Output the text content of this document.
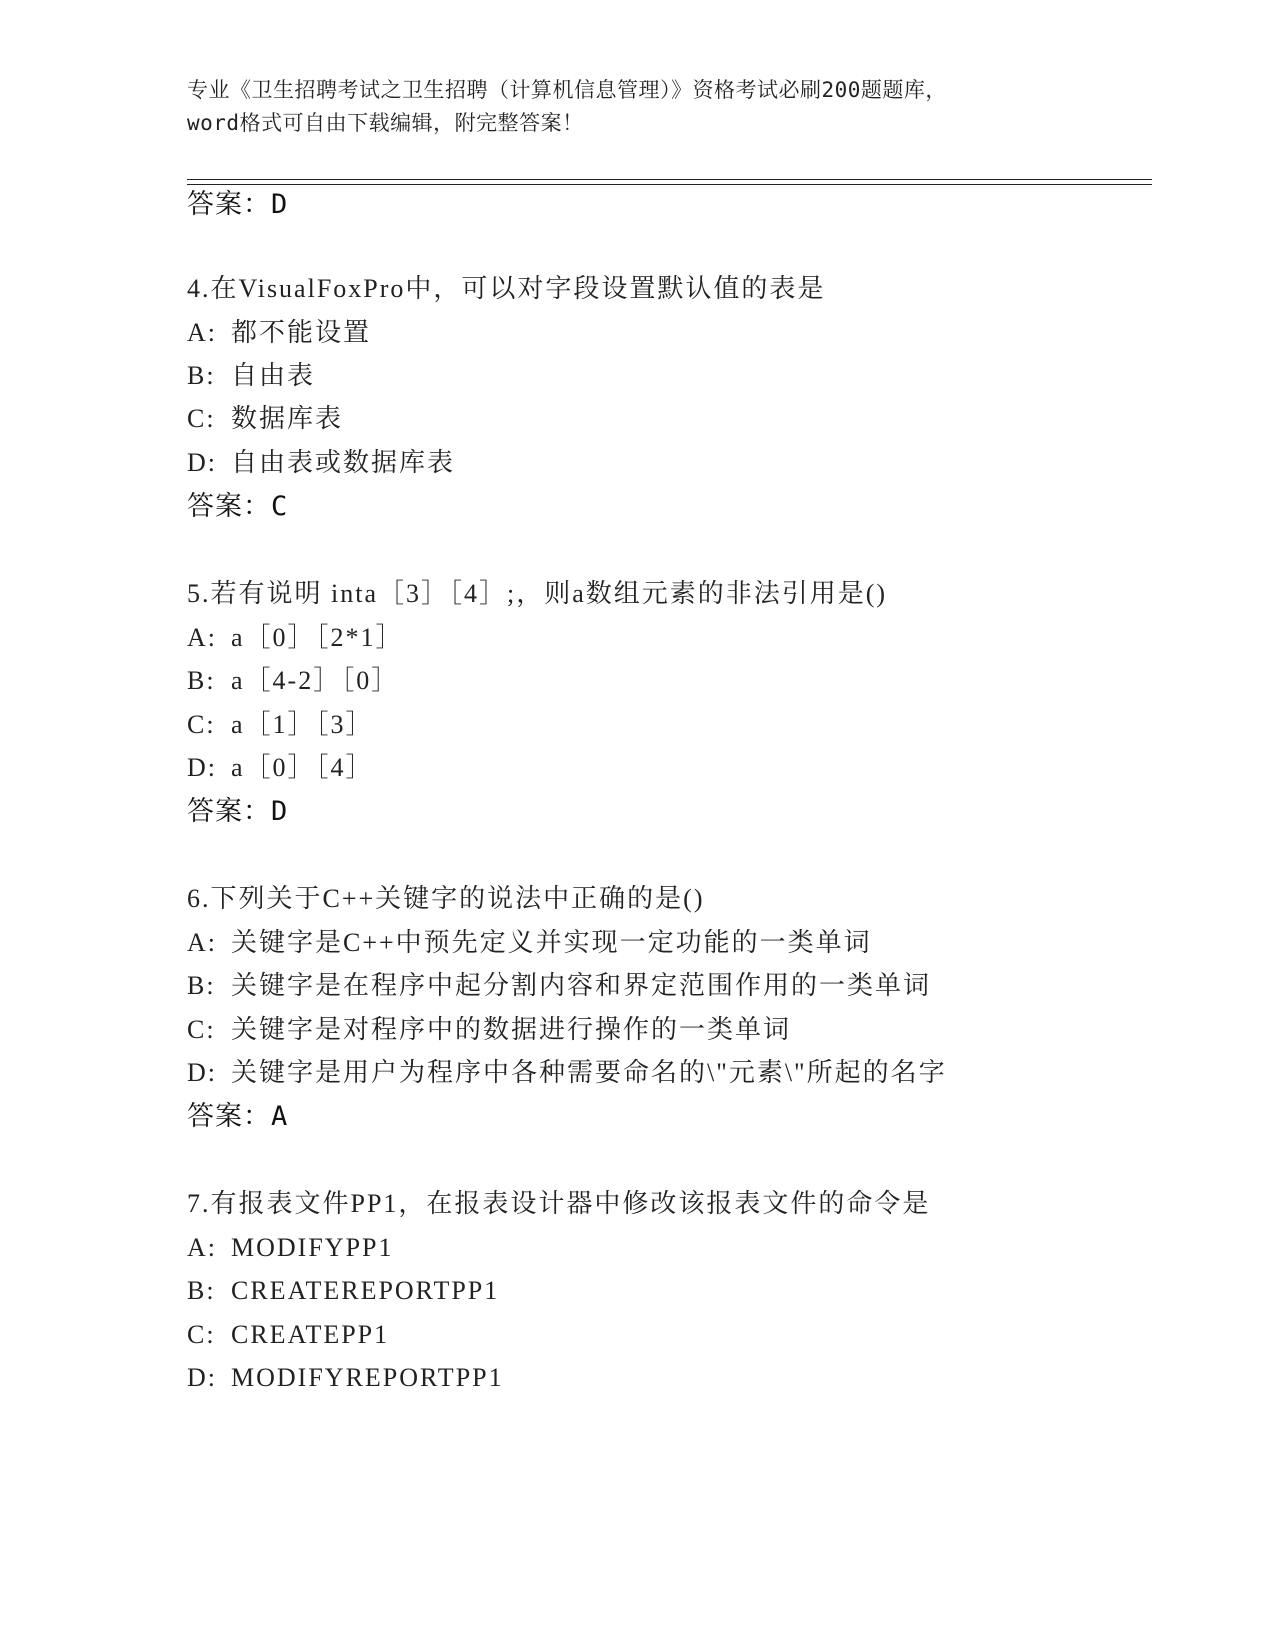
专业《卫生招聘考试之卫生招聘（计算机信息管理）》资格考试必刷200题题库，
word格式可自由下载编辑，附完整答案！
答案：D
4.在VisualFoxPro中，可以对字段设置默认值的表是
A: 都不能设置
B: 自由表
C: 数据库表
D: 自由表或数据库表
答案：C
5.若有说明 inta［3］［4］;，则a数组元素的非法引用是()
A: a［0］［2*1］
B: a［4-2］［0］
C: a［1］［3］
D: a［0］［4］
答案：D
6.下列关于C++关键字的说法中正确的是()
A: 关键字是C++中预先定义并实现一定功能的一类单词
B: 关键字是在程序中起分割内容和界定范围作用的一类单词
C: 关键字是对程序中的数据进行操作的一类单词
D: 关键字是用户为程序中各种需要命名的\"元素\"所起的名字
答案：A
7.有报表文件PP1，在报表设计器中修改该报表文件的命令是
A: MODIFYPP1
B: CREATEREPORTPP1
C: CREATEPP1
D: MODIFYREPORTPP1
